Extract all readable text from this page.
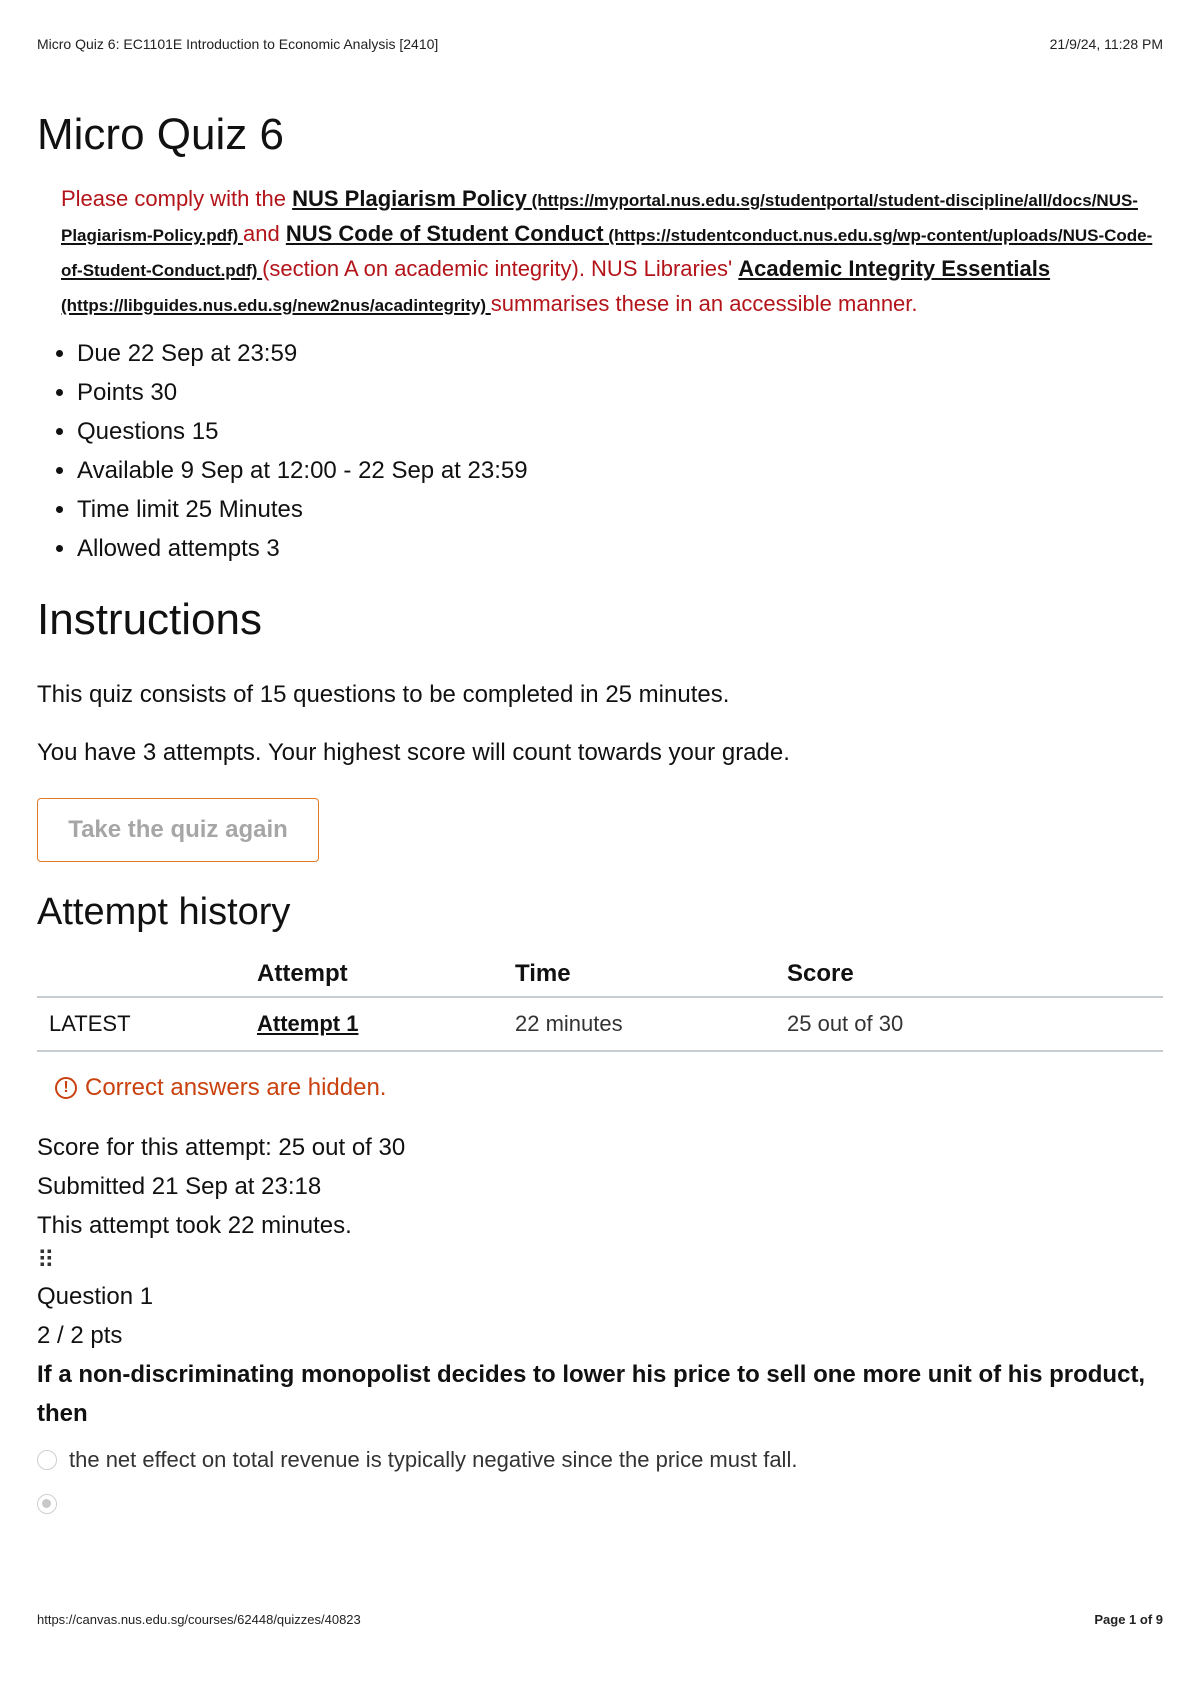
Micro Quiz 6: EC1101E Introduction to Economic Analysis [2410]	21/9/24, 11:28 PM
Micro Quiz 6
Please comply with the NUS Plagiarism Policy (https://myportal.nus.edu.sg/studentportal/student-discipline/all/docs/NUS-Plagiarism-Policy.pdf) and NUS Code of Student Conduct (https://studentconduct.nus.edu.sg/wp-content/uploads/NUS-Code-of-Student-Conduct.pdf) (section A on academic integrity). NUS Libraries' Academic Integrity Essentials (https://libguides.nus.edu.sg/new2nus/acadintegrity) summarises these in an accessible manner.
• Due 22 Sep at 23:59
• Points 30
• Questions 15
• Available 9 Sep at 12:00 - 22 Sep at 23:59
• Time limit 25 Minutes
• Allowed attempts 3
Instructions
This quiz consists of 15 questions to be completed in 25 minutes.
You have 3 attempts. Your highest score will count towards your grade.
Take the quiz again
Attempt history
	Attempt	Time	Score
LATEST	Attempt 1	22 minutes	25 out of 30
! Correct answers are hidden.
Score for this attempt: 25 out of 30
Submitted 21 Sep at 23:18
This attempt took 22 minutes.
⠿
Question 1
2 / 2 pts
If a non-discriminating monopolist decides to lower his price to sell one more unit of his product, then
the net effect on total revenue is typically negative since the price must fall.
https://canvas.nus.edu.sg/courses/62448/quizzes/40823	Page 1 of 9
